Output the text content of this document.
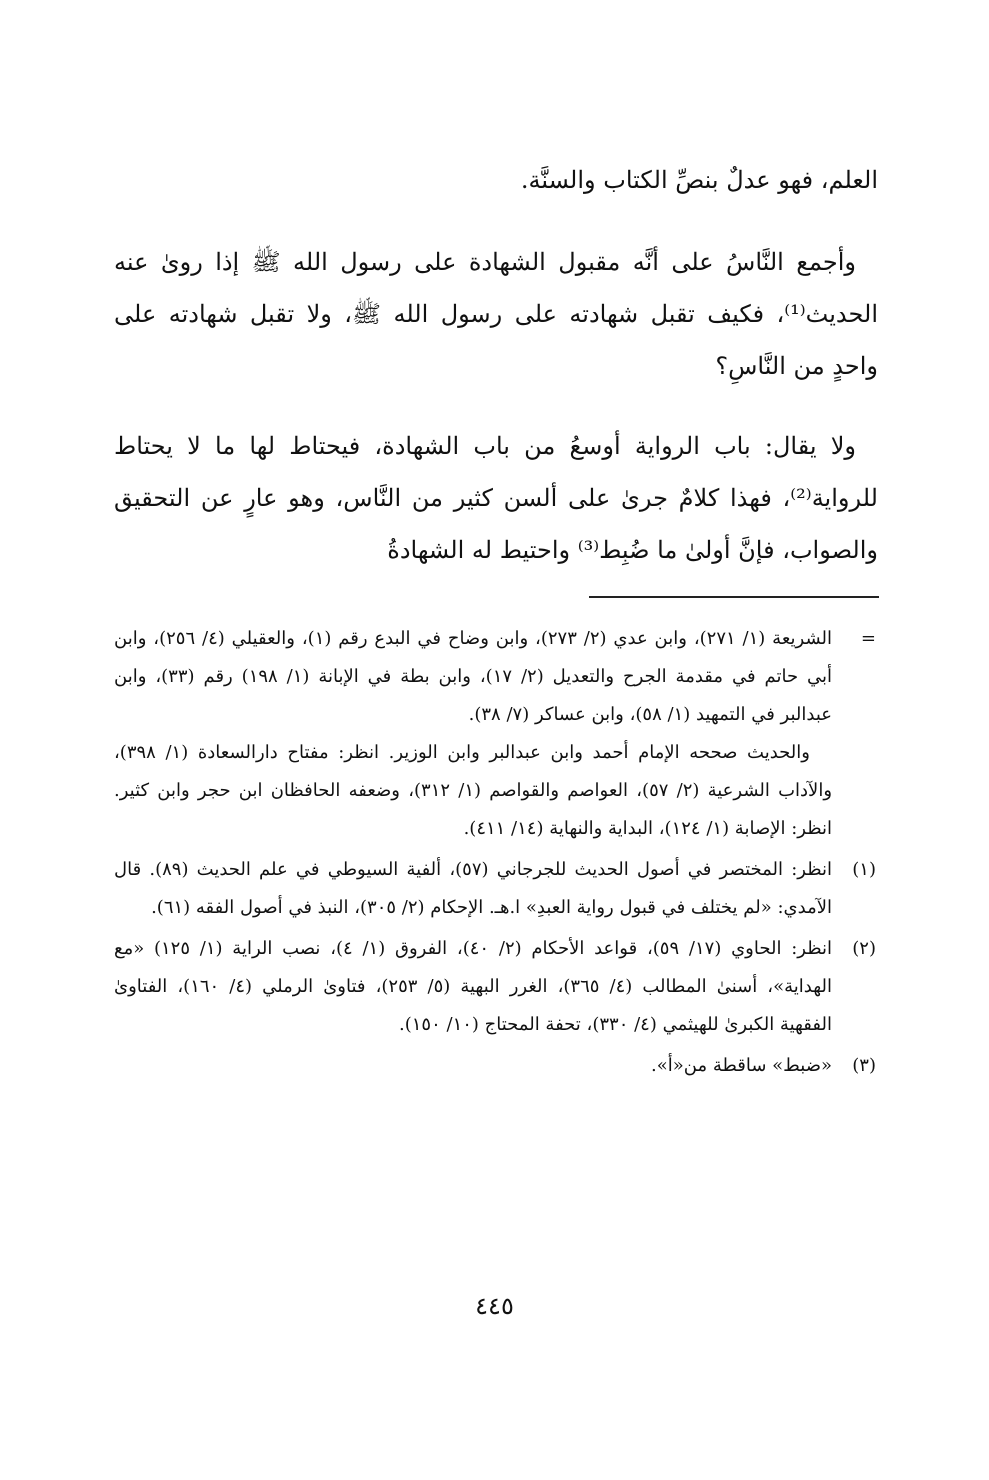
العلم، فهو عدلٌ بنصِّ الكتاب والسنَّة.

وأجمع النَّاسُ على أنَّه مقبول الشهادة على رسول الله ﷺ إذا روىٰ عنه الحديث⁽¹⁾، فكيف تقبل شهادته على رسول الله ﷺ، ولا تقبل شهادته على واحدٍ من النَّاسِ؟

ولا يقال: باب الرواية أوسعُ من باب الشهادة، فيحتاط لها ما لا يحتاط للرواية⁽²⁾، فهذا كلامٌ جرىٰ على ألسن كثير من النَّاس، وهو عارٍ عن التحقيق والصواب، فإنَّ أولىٰ ما ضُبِط⁽³⁾ واحتيط له الشهادةُ

=

الشريعة (١/ ٢٧١)، وابن عدي (٢/ ٢٧٣)، وابن وضاح في البدع رقم (١)، والعقيلي (٤/ ٢٥٦)، وابن أبي حاتم في مقدمة الجرح والتعديل (٢/ ١٧)، وابن بطة في الإبانة (١/ ١٩٨) رقم (٣٣)، وابن عبدالبر في التمهيد (١/ ٥٨)، وابن عساكر (٧/ ٣٨).

والحديث صححه الإمام أحمد وابن عبدالبر وابن الوزير. انظر: مفتاح دارالسعادة (١/ ٣٩٨)، والآداب الشرعية (٢/ ٥٧)، العواصم والقواصم (١/ ٣١٢)، وضعفه الحافظان ابن حجر وابن كثير. انظر: الإصابة (١/ ١٢٤)، البداية والنهاية (١٤/ ٤١١).

(١)
انظر: المختصر في أصول الحديث للجرجاني (٥٧)، ألفية السيوطي في علم الحديث (٨٩). قال الآمدي: «لم يختلف في قبول رواية العبدِ» ا.هـ. الإحكام (٢/ ٣٠٥)، النبذ في أصول الفقه (٦١).
(٢)
انظر: الحاوي (١٧/ ٥٩)، قواعد الأحكام (٢/ ٤٠)، الفروق (١/ ٤)، نصب الراية (١/ ١٢٥) «مع الهداية»، أسنىٰ المطالب (٤/ ٣٦٥)، الغرر البهية (٥/ ٢٥٣)، فتاوىٰ الرملي (٤/ ١٦٠)، الفتاوىٰ الفقهية الكبرىٰ للهيثمي (٤/ ٣٣٠)، تحفة المحتاج (١٠/ ١٥٠).
(٣)
«ضبط» ساقطة من«أ».
٤٤٥
